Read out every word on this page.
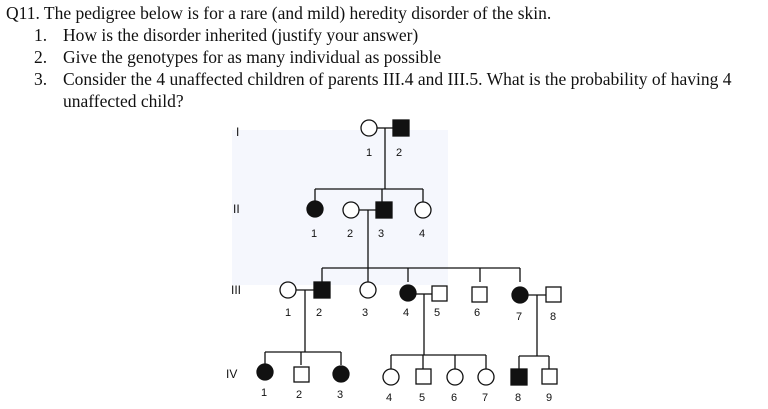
Q11. The pedigree below is for a rare (and mild) heredity disorder of the skin.
1. How is the disorder inherited (justify your answer)
2. Give the genotypes for as many individual as possible
3. Consider the 4 unaffected children of parents III.4 and III.5. What is the probability of having 4 unaffected child?
I
II
III
IV
1 2
1	2 3	4
1 2	3	4 5	6	7	8
1	2	3	4 5 6 7 8 9
